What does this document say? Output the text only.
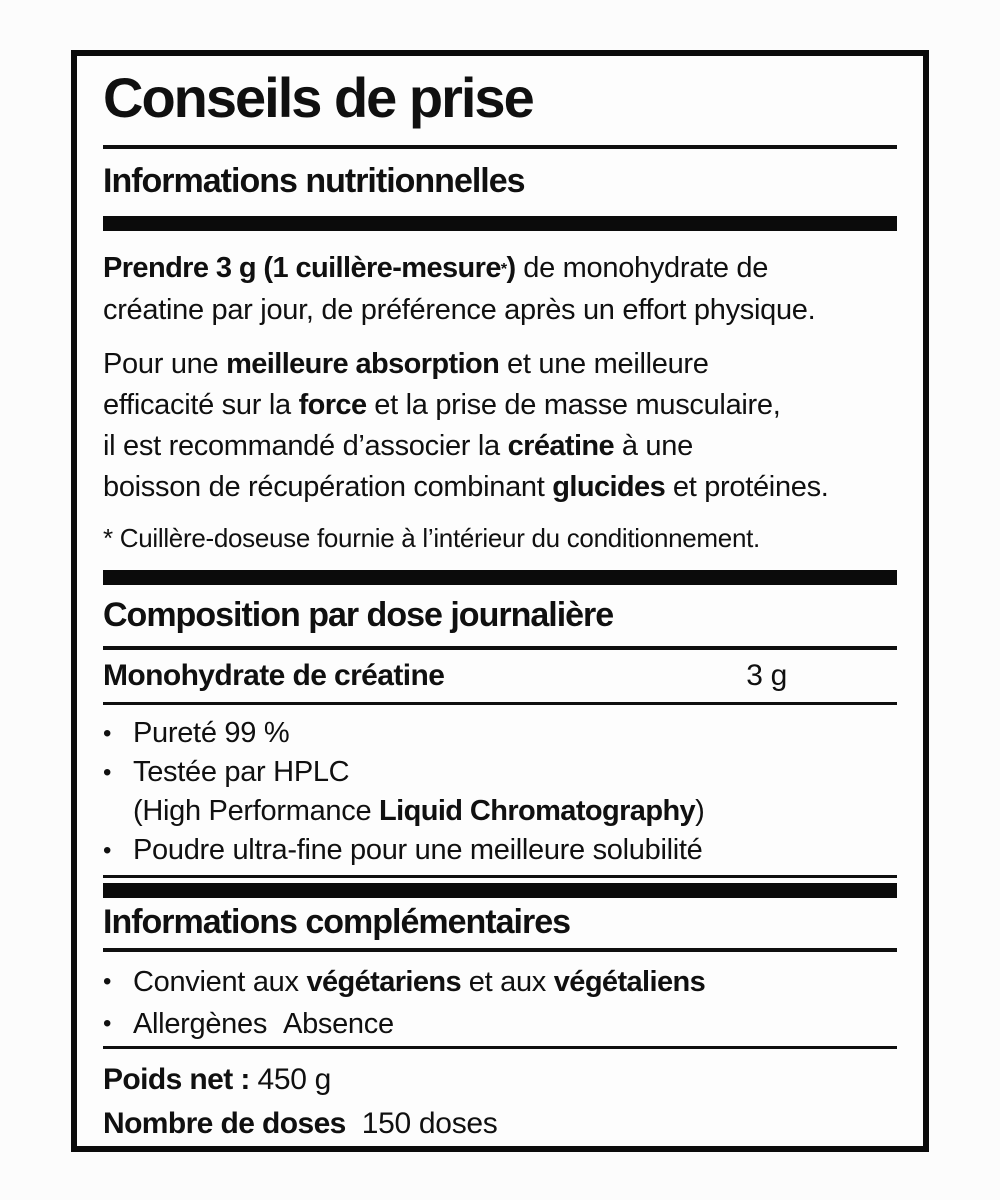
Conseils de prise
Informations nutritionnelles
Prendre 3 g (1 cuillère-mesure*) de monohydrate de
créatine par jour, de préférence après un effort physique.
Pour une meilleure absorption et une meilleure
efficacité sur la force et la prise de masse musculaire,
il est recommandé d’associer la créatine à une
boisson de récupération combinant glucides et protéines.
* Cuillère-doseuse fournie à l’intérieur du conditionnement.
Composition par dose journalière
Monohydrate de créatine	3 g
• Pureté 99 %
• Testée par HPLC
(High Performance Liquid Chromatography)
• Poudre ultra-fine pour une meilleure solubilité
Informations complémentaires
• Convient aux végétariens et aux végétaliens
• Allergènes Absence
Poids net : 450 g
Nombre de doses 150 doses
